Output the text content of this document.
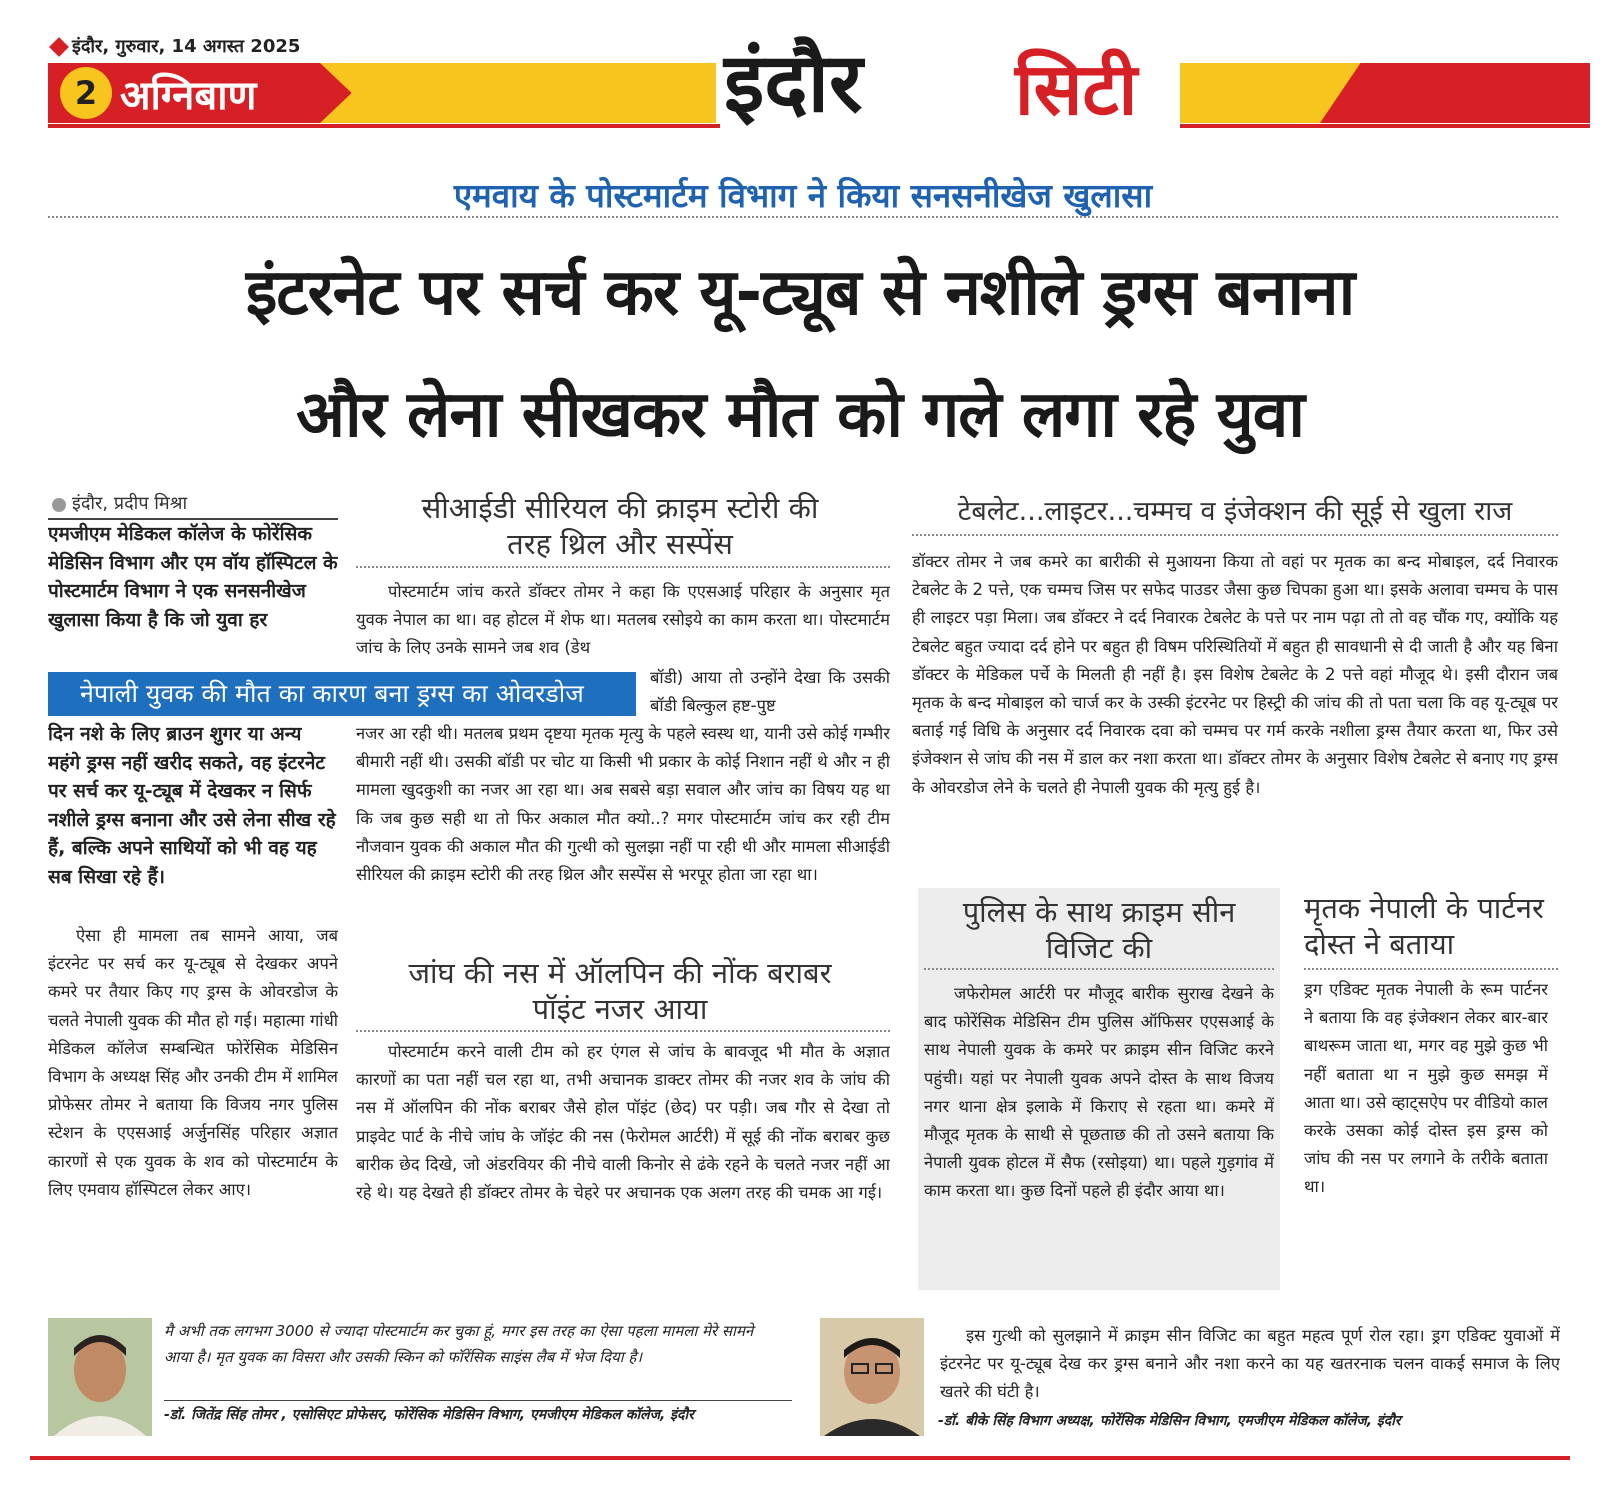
इंदौर, गुरुवार, 14 अगस्त 2025
2 अग्निबाण	इंदौर सिटी
एमवाय के पोस्टमार्टम विभाग ने किया सनसनीखेज खुलासा
इंटरनेट पर सर्च कर यू-ट्यूब से नशीले ड्रग्स बनाना
और लेना सीखकर मौत को गले लगा रहे युवा
इंदौर, प्रदीप मिश्रा
एमजीएम मेडिकल कॉलेज के फोरेंसिक मेडिसिन विभाग और एम वॉय हॉस्पिटल के पोस्टमार्टम विभाग ने एक सनसनीखेज खुलासा किया है कि जो युवा हर
नेपाली युवक की मौत का कारण बना ड्रग्स का ओवरडोज
दिन नशे के लिए ब्राउन शुगर या अन्य महंगे ड्रग्स नहीं खरीद सकते, वह इंटरनेट पर सर्च कर यू-ट्यूब में देखकर न सिर्फ नशीले ड्रग्स बनाना और उसे लेना सीख रहे हैं, बल्कि अपने साथियों को भी वह यह सब सिखा रहे हैं।
ऐसा ही मामला तब सामने आया, जब इंटरनेट पर सर्च कर यू-ट्यूब से देखकर अपने कमरे पर तैयार किए गए ड्रग्स के ओवरडोज के चलते नेपाली युवक की मौत हो गई। महात्मा गांधी मेडिकल कॉलेज सम्बन्धित फोरेंसिक मेडिसिन विभाग के अध्यक्ष सिंह और उनकी टीम में शामिल प्रोफेसर तोमर ने बताया कि विजय नगर पुलिस स्टेशन के एएसआई अर्जुनसिंह परिहार अज्ञात कारणों से एक युवक के शव को पोस्टमार्टम के लिए एमवाय हॉस्पिटल लेकर आए।
सीआईडी सीरियल की क्राइम स्टोरी की तरह थ्रिल और सस्पेंस
पोस्टमार्टम जांच करते डॉक्टर तोमर ने कहा कि एएसआई परिहार के अनुसार मृत युवक नेपाल का था। वह होटल में शेफ था। मतलब रसोइये का काम करता था। पोस्टमार्टम जांच के लिए उनके सामने जब शव (डेथ
बॉडी) आया तो उन्होंने देखा कि उसकी बॉडी बिल्कुल हष्ट-पुष्ट
नजर आ रही थी। मतलब प्रथम दृष्टया मृतक मृत्यु के पहले स्वस्थ था, यानी उसे कोई गम्भीर बीमारी नहीं थी। उसकी बॉडी पर चोट या किसी भी प्रकार के कोई निशान नहीं थे और न ही मामला खुदकुशी का नजर आ रहा था। अब सबसे बड़ा सवाल और जांच का विषय यह था कि जब कुछ सही था तो फिर अकाल मौत क्यो..? मगर पोस्टमार्टम जांच कर रही टीम नौजवान युवक की अकाल मौत की गुत्थी को सुलझा नहीं पा रही थी और मामला सीआईडी सीरियल की क्राइम स्टोरी की तरह थ्रिल और सस्पेंस से भरपूर होता जा रहा था।
जांघ की नस में ऑलपिन की नोंक बराबर पॉइंट नजर आया
पोस्टमार्टम करने वाली टीम को हर एंगल से जांच के बावजूद भी मौत के अज्ञात कारणों का पता नहीं चल रहा था, तभी अचानक डाक्टर तोमर की नजर शव के जांघ की नस में ऑलपिन की नोंक बराबर जैसे होल पॉइंट (छेद) पर पड़ी। जब गौर से देखा तो प्राइवेट पार्ट के नीचे जांघ के जॉइंट की नस (फेरोमल आर्टरी) में सूई की नोंक बराबर कुछ बारीक छेद दिखे, जो अंडरवियर की नीचे वाली किनोर से ढंके रहने के चलते नजर नहीं आ रहे थे। यह देखते ही डॉक्टर तोमर के चेहरे पर अचानक एक अलग तरह की चमक आ गई।
टेबलेट...लाइटर...चम्मच व इंजेक्शन की सूई से खुला राज
डॉक्टर तोमर ने जब कमरे का बारीकी से मुआयना किया तो वहां पर मृतक का बन्द मोबाइल, दर्द निवारक टेबलेट के 2 पत्ते, एक चम्मच जिस पर सफेद पाउडर जैसा कुछ चिपका हुआ था। इसके अलावा चम्मच के पास ही लाइटर पड़ा मिला। जब डॉक्टर ने दर्द निवारक टेबलेट के पत्ते पर नाम पढ़ा तो तो वह चौंक गए, क्योंकि यह टेबलेट बहुत ज्यादा दर्द होने पर बहुत ही विषम परिस्थितियों में बहुत ही सावधानी से दी जाती है और यह बिना डॉक्टर के मेडिकल पर्चे के मिलती ही नहीं है। इस विशेष टेबलेट के 2 पत्ते वहां मौजूद थे। इसी दौरान जब मृतक के बन्द मोबाइल को चार्ज कर के उस्की इंटरनेट पर हिस्ट्री की जांच की तो पता चला कि वह यू-ट्यूब पर बताई गई विधि के अनुसार दर्द निवारक दवा को चम्मच पर गर्म करके नशीला ड्रग्स तैयार करता था, फिर उसे इंजेक्शन से जांघ की नस में डाल कर नशा करता था। डॉक्टर तोमर के अनुसार विशेष टेबलेट से बनाए गए ड्रग्स के ओवरडोज लेने के चलते ही नेपाली युवक की मृत्यु हुई है।
पुलिस के साथ क्राइम सीन विजिट की
जफेरोमल आर्टरी पर मौजूद बारीक सुराख देखने के बाद फोरेंसिक मेडिसिन टीम पुलिस ऑफिसर एएसआई के साथ नेपाली युवक के कमरे पर क्राइम सीन विजिट करने पहुंची। यहां पर नेपाली युवक अपने दोस्त के साथ विजय नगर थाना क्षेत्र इलाके में किराए से रहता था। कमरे में मौजूद मृतक के साथी से पूछताछ की तो उसने बताया कि नेपाली युवक होटल में सैफ (रसोइया) था। पहले गुड़गांव में काम करता था। कुछ दिनों पहले ही इंदौर आया था।
मृतक नेपाली के पार्टनर दोस्त ने बताया
ड्रग एडिक्ट मृतक नेपाली के रूम पार्टनर ने बताया कि वह इंजेक्शन लेकर बार-बार बाथरूम जाता था, मगर वह मुझे कुछ भी नहीं बताता था न मुझे कुछ समझ में आता था। उसे व्हाट्सऐप पर वीडियो काल करके उसका कोई दोस्त इस ड्रग्स को जांघ की नस पर लगाने के तरीके बताता था।
मै अभी तक लगभग 3000 से ज्यादा पोस्टमार्टम कर चुका हूं, मगर इस तरह का ऐसा पहला मामला मेरे सामने आया है। मृत युवक का विसरा और उसकी स्किन को फॉरेंसिक साइंस लैब में भेज दिया है।
-डॉ. जितेंद्र सिंह तोमर , एसोसिएट प्रोफेसर, फोरेंसिक मेडिसिन विभाग, एमजीएम मेडिकल कॉलेज, इंदौर
इस गुत्थी को सुलझाने में क्राइम सीन विजिट का बहुत महत्व पूर्ण रोल रहा। ड्रग एडिक्ट युवाओं में इंटरनेट पर यू-ट्यूब देख कर ड्रग्स बनाने और नशा करने का यह खतरनाक चलन वाकई समाज के लिए खतरे की घंटी है।
-डॉ. बीके सिंह विभाग अध्यक्ष, फोरेंसिक मेडिसिन विभाग, एमजीएम मेडिकल कॉलेज, इंदौर
